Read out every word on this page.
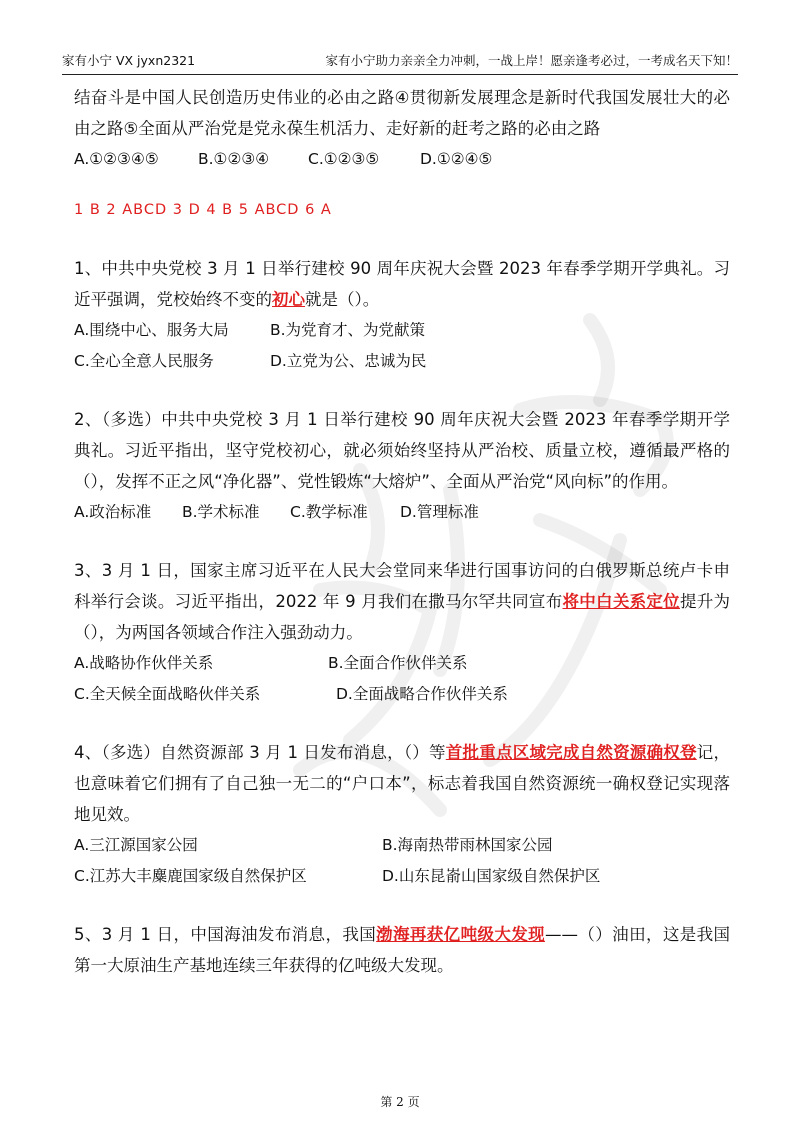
家有小宁 VX jyxn2321	家有小宁助力亲亲全力冲刺，一战上岸！愿亲逢考必过，一考成名天下知！

结奋斗是中国人民创造历史伟业的必由之路④贯彻新发展理念是新时代我国发展壮大的必由之路⑤全面从严治党是党永葆生机活力、走好新的赶考之路的必由之路

A.①②③④⑤	B.①②③④	C.①②③⑤	D.①②④⑤
1 B 2 ABCD 3 D 4 B 5 ABCD 6 A

1、中共中央党校 3 月 1 日举行建校 90 周年庆祝大会暨 2023 年春季学期开学典礼。习近平强调，党校始终不变的初心就是（）。

A.围绕中心、服务大局	B.为党育才、为党献策
C.全心全意人民服务	D.立党为公、忠诚为民

2、（多选）中共中央党校 3 月 1 日举行建校 90 周年庆祝大会暨 2023 年春季学期开学典礼。习近平指出，坚守党校初心，就必须始终坚持从严治校、质量立校，遵循最严格的（），发挥不正之风“净化器”、党性锻炼“大熔炉”、全面从严治党“风向标”的作用。

A.政治标准	B.学术标准	C.教学标准	D.管理标准

3、3 月 1 日，国家主席习近平在人民大会堂同来华进行国事访问的白俄罗斯总统卢卡申科举行会谈。习近平指出，2022 年 9 月我们在撒马尔罕共同宣布将中白关系定位提升为（），为两国各领域合作注入强劲动力。

A.战略协作伙伴关系	B.全面合作伙伴关系
C.全天候全面战略伙伴关系	D.全面战略合作伙伴关系

4、（多选）自然资源部 3 月 1 日发布消息，（）等首批重点区域完成自然资源确权登记，也意味着它们拥有了自己独一无二的“户口本”，标志着我国自然资源统一确权登记实现落地见效。

A.三江源国家公园	B.海南热带雨林国家公园
C.江苏大丰麋鹿国家级自然保护区	D.山东昆嵛山国家级自然保护区

5、3 月 1 日，中国海油发布消息，我国渤海再获亿吨级大发现——（）油田，这是我国第一大原油生产基地连续三年获得的亿吨级大发现。

第 2 页
